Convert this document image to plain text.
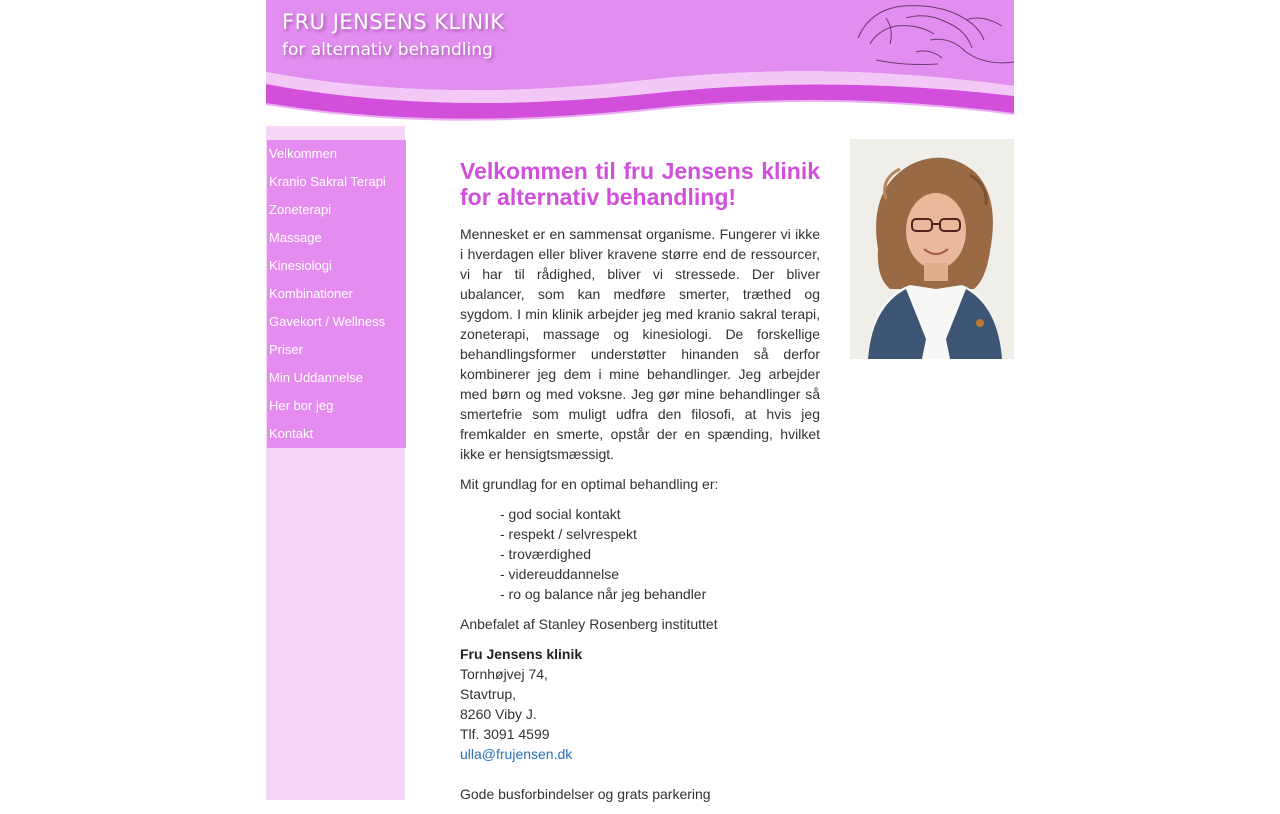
FRU JENSENS KLINIK
for alternativ behandling
Velkommen
Kranio Sakral Terapi
Zoneterapi
Massage
Kinesiologi
Kombinationer
Gavekort / Wellness
Priser
Min Uddannelse
Her bor jeg
Kontakt
Velkommen til fru Jensens klinik for alternativ behandling!

Mennesket er en sammensat organisme. Fungerer vi ikke i hverdagen eller bliver kravene større end de ressourcer, vi har til rådighed, bliver vi stressede. Der bliver ubalancer, som kan medføre smerter, træthed og sygdom. I min klinik arbejder jeg med kranio sakral terapi, zoneterapi, massage og kinesiologi. De forskellige behandlingsformer understøtter hinanden så derfor kombinerer jeg dem i mine behandlinger. Jeg arbejder med børn og med voksne. Jeg gør mine behandlinger så smertefrie som muligt udfra den filosofi, at hvis jeg fremkalder en smerte, opstår der en spænding, hvilket ikke er hensigtsmæssigt.

Mit grundlag for en optimal behandling er:

- god social kontakt
- respekt / selvrespekt
- troværdighed
- videreuddannelse
- ro og balance når jeg behandler

Anbefalet af Stanley Rosenberg instituttet

Fru Jensens klinik
Tornhøjvej 74,
Stavtrup,
8260 Viby J.
Tlf. 3091 4599
ulla@frujensen.dk

Gode busforbindelser og grats parkering
